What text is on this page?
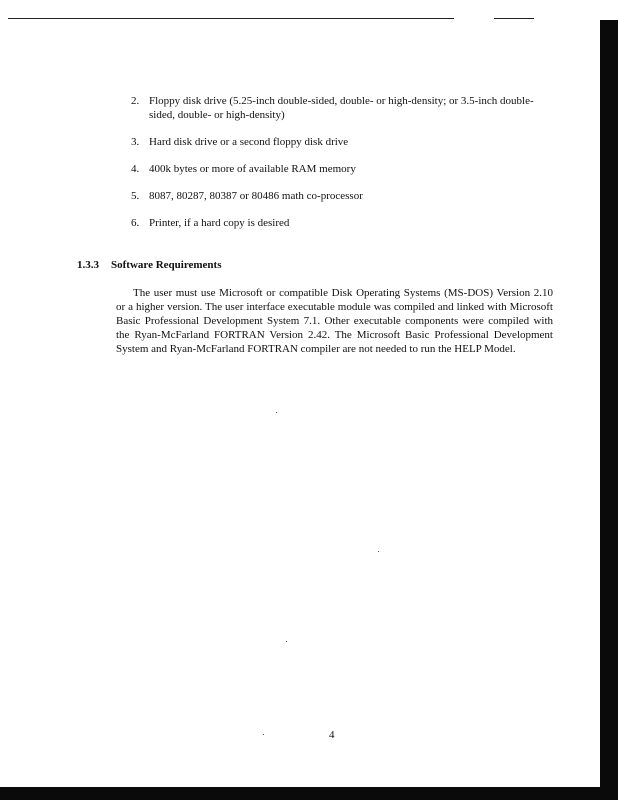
2. Floppy disk drive (5.25-inch double-sided, double- or high-density; or 3.5-inch double-sided, double- or high-density)
3. Hard disk drive or a second floppy disk drive
4. 400k bytes or more of available RAM memory
5. 8087, 80287, 80387 or 80486 math co-processor
6. Printer, if a hard copy is desired
1.3.3 Software Requirements
The user must use Microsoft or compatible Disk Operating Systems (MS-DOS) Version 2.10 or a higher version. The user interface executable module was compiled and linked with Microsoft Basic Professional Development System 7.1. Other executable components were compiled with the Ryan-McFarland FORTRAN Version 2.42. The Microsoft Basic Professional Development System and Ryan-McFarland FORTRAN compiler are not needed to run the HELP Model.
4
